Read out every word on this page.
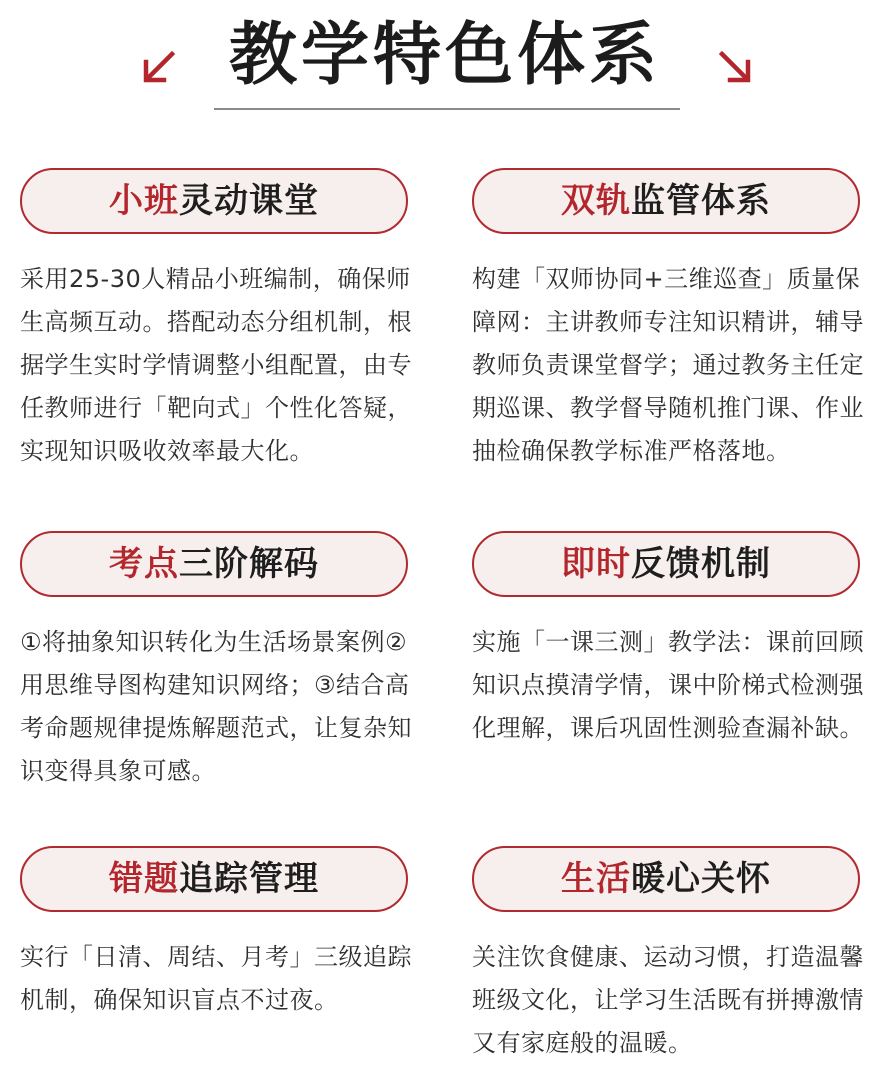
教学特色体系
小班灵动课堂
采用25-30人精品小班编制，确保师生高频互动。搭配动态分组机制，根据学生实时学情调整小组配置，由专任教师进行「靶向式」个性化答疑，实现知识吸收效率最大化。
双轨监管体系
构建「双师协同+三维巡查」质量保障网：主讲教师专注知识精讲，辅导教师负责课堂督学；通过教务主任定期巡课、教学督导随机推门课、作业抽检确保教学标准严格落地。
考点三阶解码
①将抽象知识转化为生活场景案例②用思维导图构建知识网络；③结合高考命题规律提炼解题范式，让复杂知识变得具象可感。
即时反馈机制
实施「一课三测」教学法：课前回顾知识点摸清学情，课中阶梯式检测强化理解，课后巩固性测验查漏补缺。
错题追踪管理
实行「日清、周结、月考」三级追踪机制，确保知识盲点不过夜。
生活暖心关怀
关注饮食健康、运动习惯，打造温馨班级文化，让学习生活既有拼搏激情又有家庭般的温暖。
